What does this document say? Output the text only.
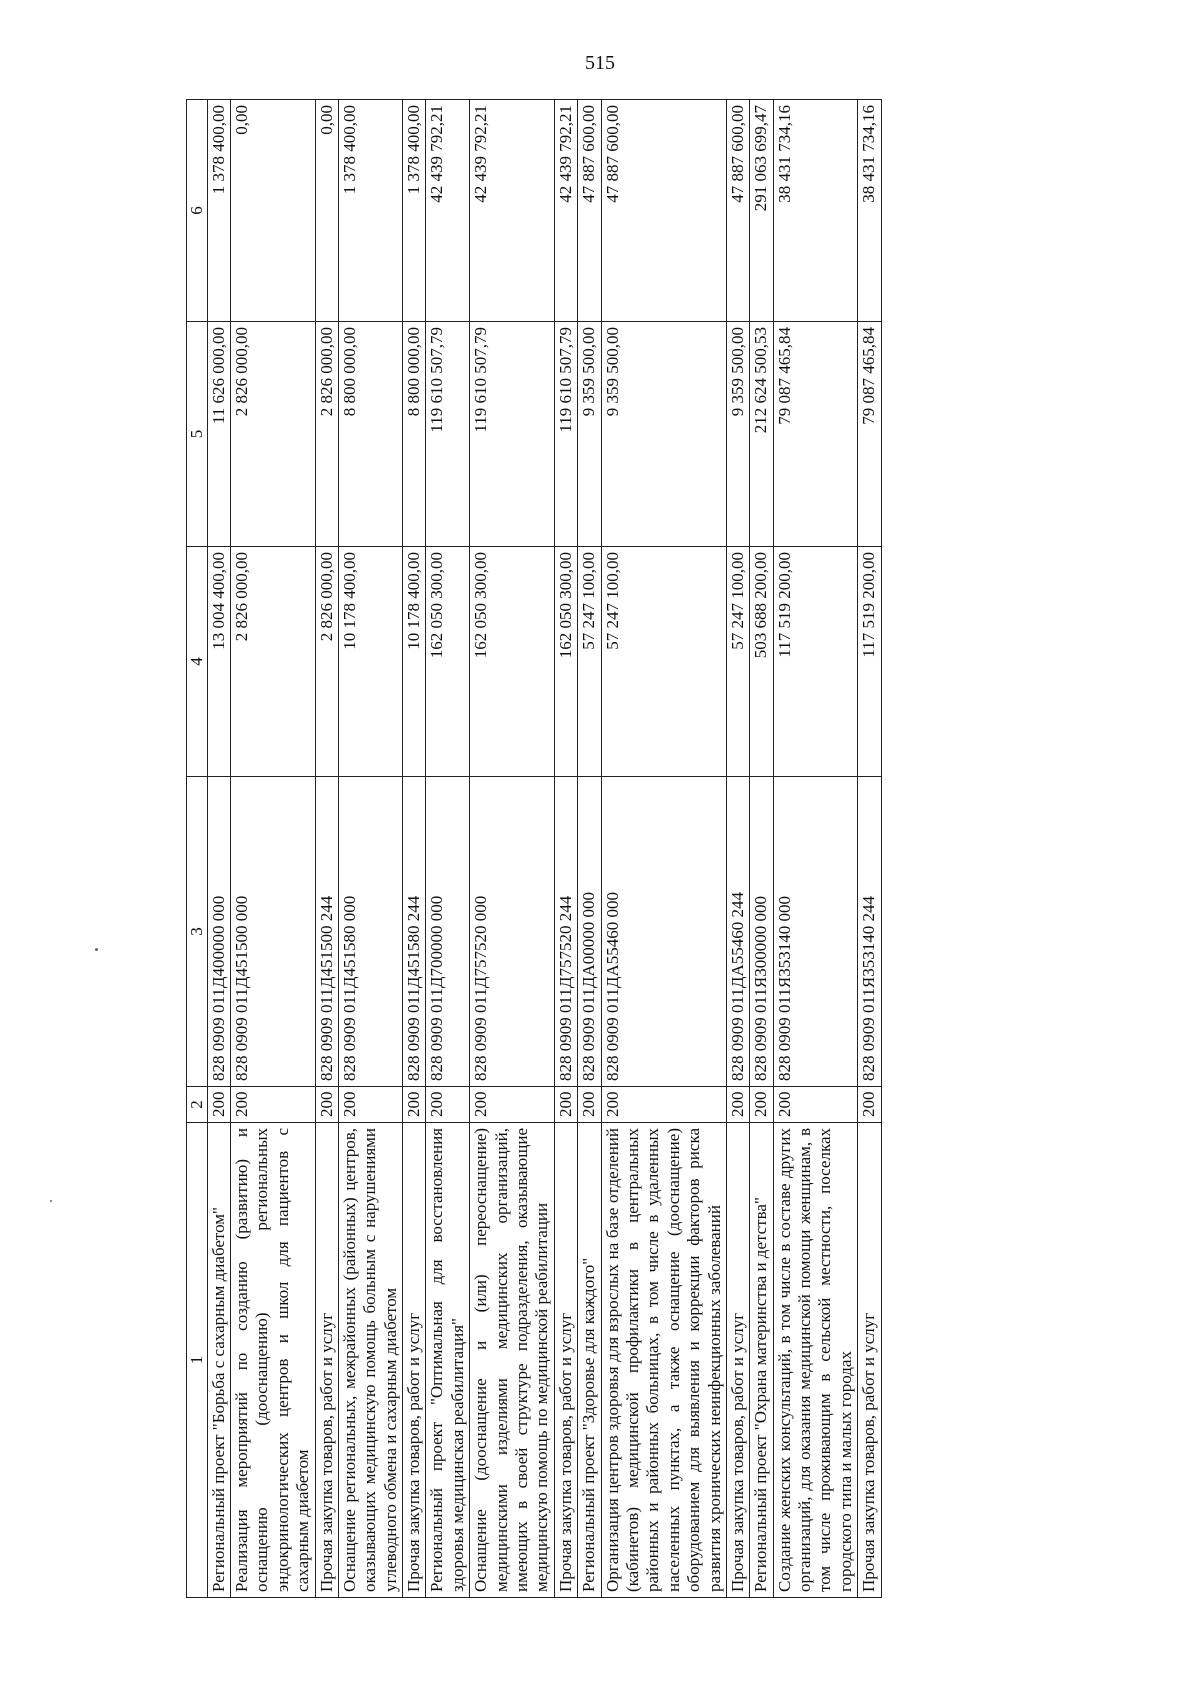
515
1	2	3	4	5	6
Региональный проект "Борьба с сахарным диабетом"	200	828 0909 011Д400000 000	13 004 400,00	11 626 000,00	1 378 400,00
Реализация мероприятий по созданию (развитию) и оснащению (дооснащению) региональных эндокринологических центров и школ для пациентов с сахарным диабетом	200	828 0909 011Д451500 000	2 826 000,00	2 826 000,00	0,00
Прочая закупка товаров, работ и услуг	200	828 0909 011Д451500 244	2 826 000,00	2 826 000,00	0,00
Оснащение региональных, межрайонных (районных) центров, оказывающих медицинскую помощь больным с нарушениями углеводного обмена и сахарным диабетом	200	828 0909 011Д451580 000	10 178 400,00	8 800 000,00	1 378 400,00
Прочая закупка товаров, работ и услуг	200	828 0909 011Д451580 244	10 178 400,00	8 800 000,00	1 378 400,00
Региональный проект "Оптимальная для восстановления здоровья медицинская реабилитация"	200	828 0909 011Д700000 000	162 050 300,00	119 610 507,79	42 439 792,21
Оснащение (дооснащение и (или) переоснащение) медицинскими изделиями медицинских организаций, имеющих в своей структуре подразделения, оказывающие медицинскую помощь по медицинской реабилитации	200	828 0909 011Д757520 000	162 050 300,00	119 610 507,79	42 439 792,21
Прочая закупка товаров, работ и услуг	200	828 0909 011Д757520 244	162 050 300,00	119 610 507,79	42 439 792,21
Региональный проект "Здоровье для каждого"	200	828 0909 011ДА00000 000	57 247 100,00	9 359 500,00	47 887 600,00
Организация центров здоровья для взрослых на базе отделений (кабинетов) медицинской профилактики в центральных районных и районных больницах, в том числе в удаленных населенных пунктах, а также оснащение (дооснащение) оборудованием для выявления и коррекции факторов риска развития хронических неинфекционных заболеваний	200	828 0909 011ДА55460 000	57 247 100,00	9 359 500,00	47 887 600,00
Прочая закупка товаров, работ и услуг	200	828 0909 011ДА55460 244	57 247 100,00	9 359 500,00	47 887 600,00
Региональный проект "Охрана материнства и детства"	200	828 0909 011Я300000 000	503 688 200,00	212 624 500,53	291 063 699,47
Создание женских консультаций, в том числе в составе других организаций, для оказания медицинской помощи женщинам, в том числе проживающим в сельской местности, поселках городского типа и малых городах	200	828 0909 011Я353140 000	117 519 200,00	79 087 465,84	38 431 734,16
Прочая закупка товаров, работ и услуг	200	828 0909 011Я353140 244	117 519 200,00	79 087 465,84	38 431 734,16
